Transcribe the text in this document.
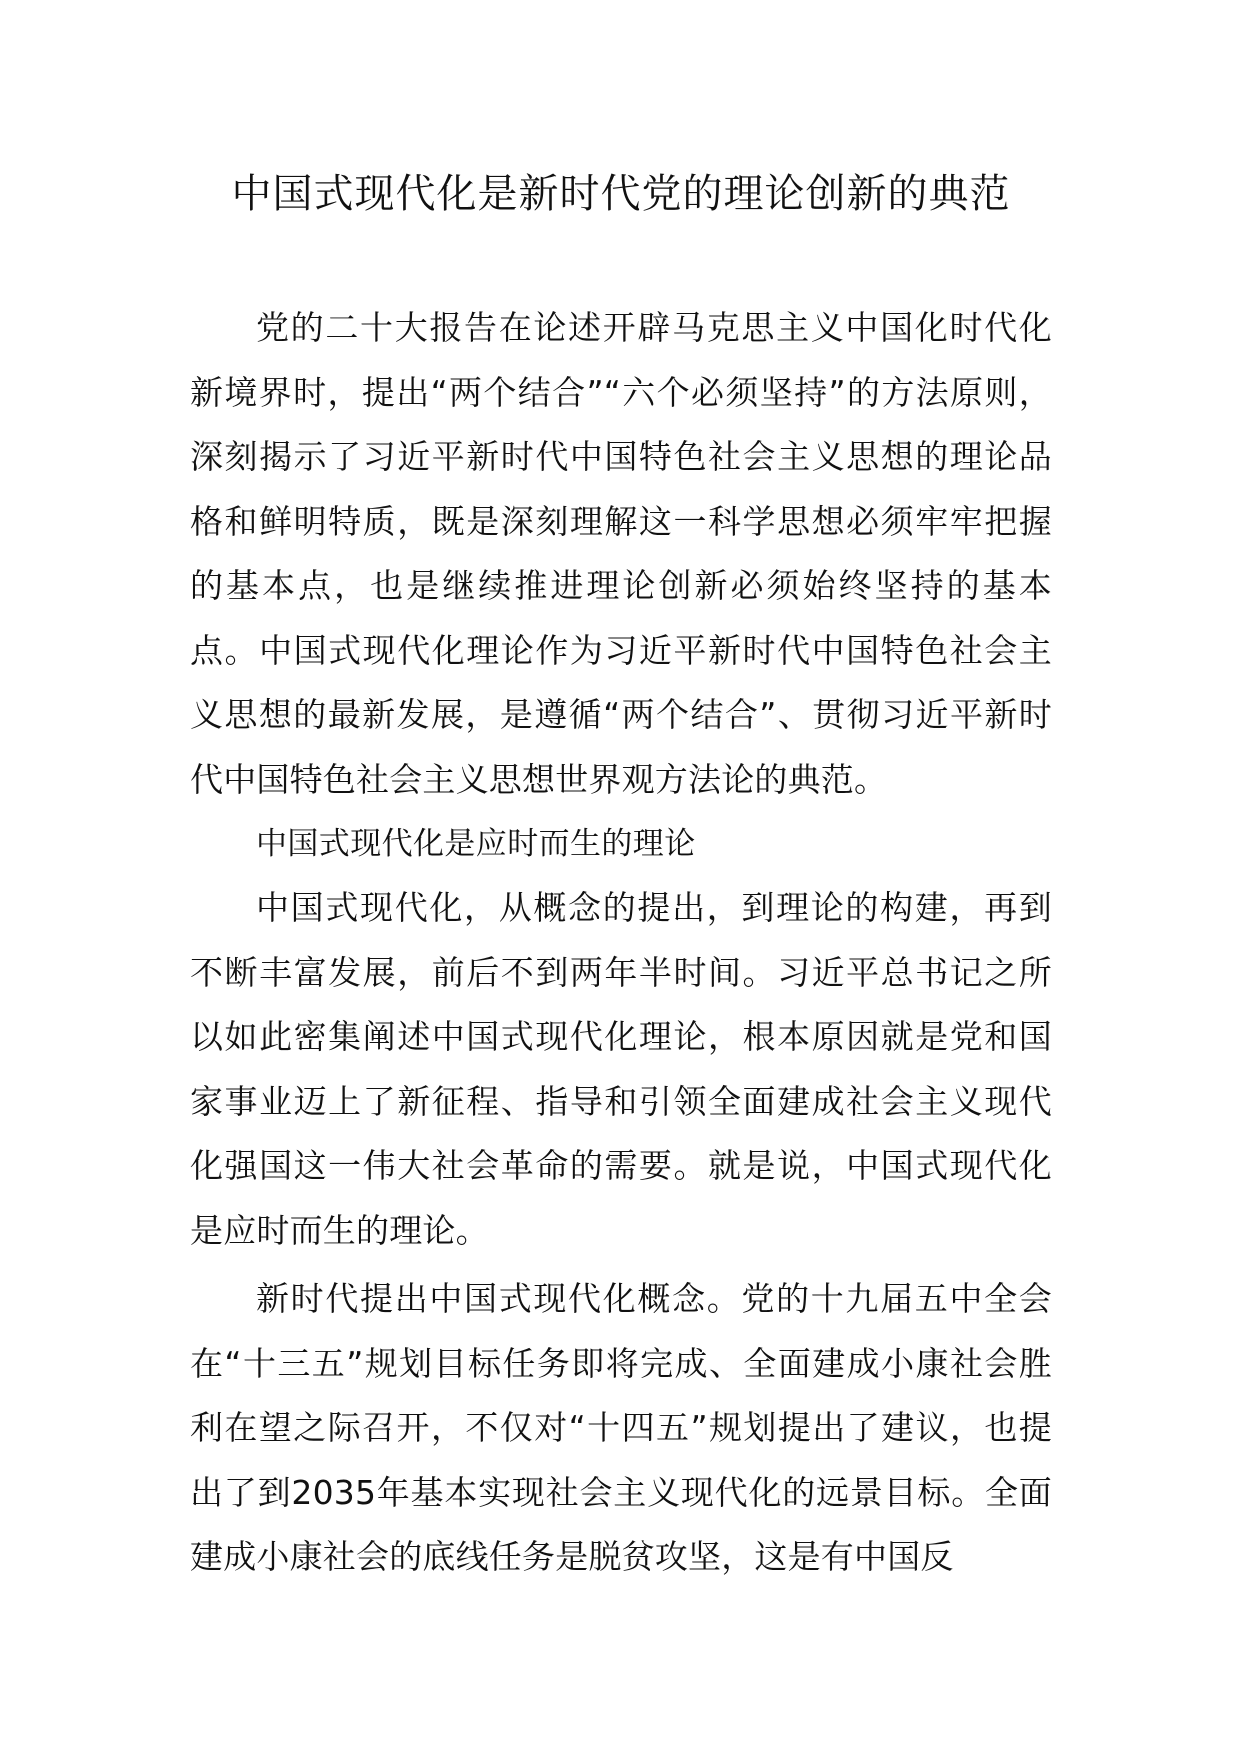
中国式现代化是新时代党的理论创新的典范

党的二十大报告在论述开辟马克思主义中国化时代化新境界时，提出“两个结合”“六个必须坚持”的方法原则，深刻揭示了习近平新时代中国特色社会主义思想的理论品格和鲜明特质，既是深刻理解这一科学思想必须牢牢把握的基本点，也是继续推进理论创新必须始终坚持的基本点。中国式现代化理论作为习近平新时代中国特色社会主义思想的最新发展，是遵循“两个结合”、贯彻习近平新时代中国特色社会主义思想世界观方法论的典范。

中国式现代化是应时而生的理论

中国式现代化，从概念的提出，到理论的构建，再到不断丰富发展，前后不到两年半时间。习近平总书记之所以如此密集阐述中国式现代化理论，根本原因就是党和国家事业迈上了新征程、指导和引领全面建成社会主义现代化强国这一伟大社会革命的需要。就是说，中国式现代化是应时而生的理论。

新时代提出中国式现代化概念。党的十九届五中全会在“十三五”规划目标任务即将完成、全面建成小康社会胜利在望之际召开，不仅对“十四五”规划提出了建议，也提出了到2035年基本实现社会主义现代化的远景目标。全面建成小康社会的底线任务是脱贫攻坚，这是有中国反
